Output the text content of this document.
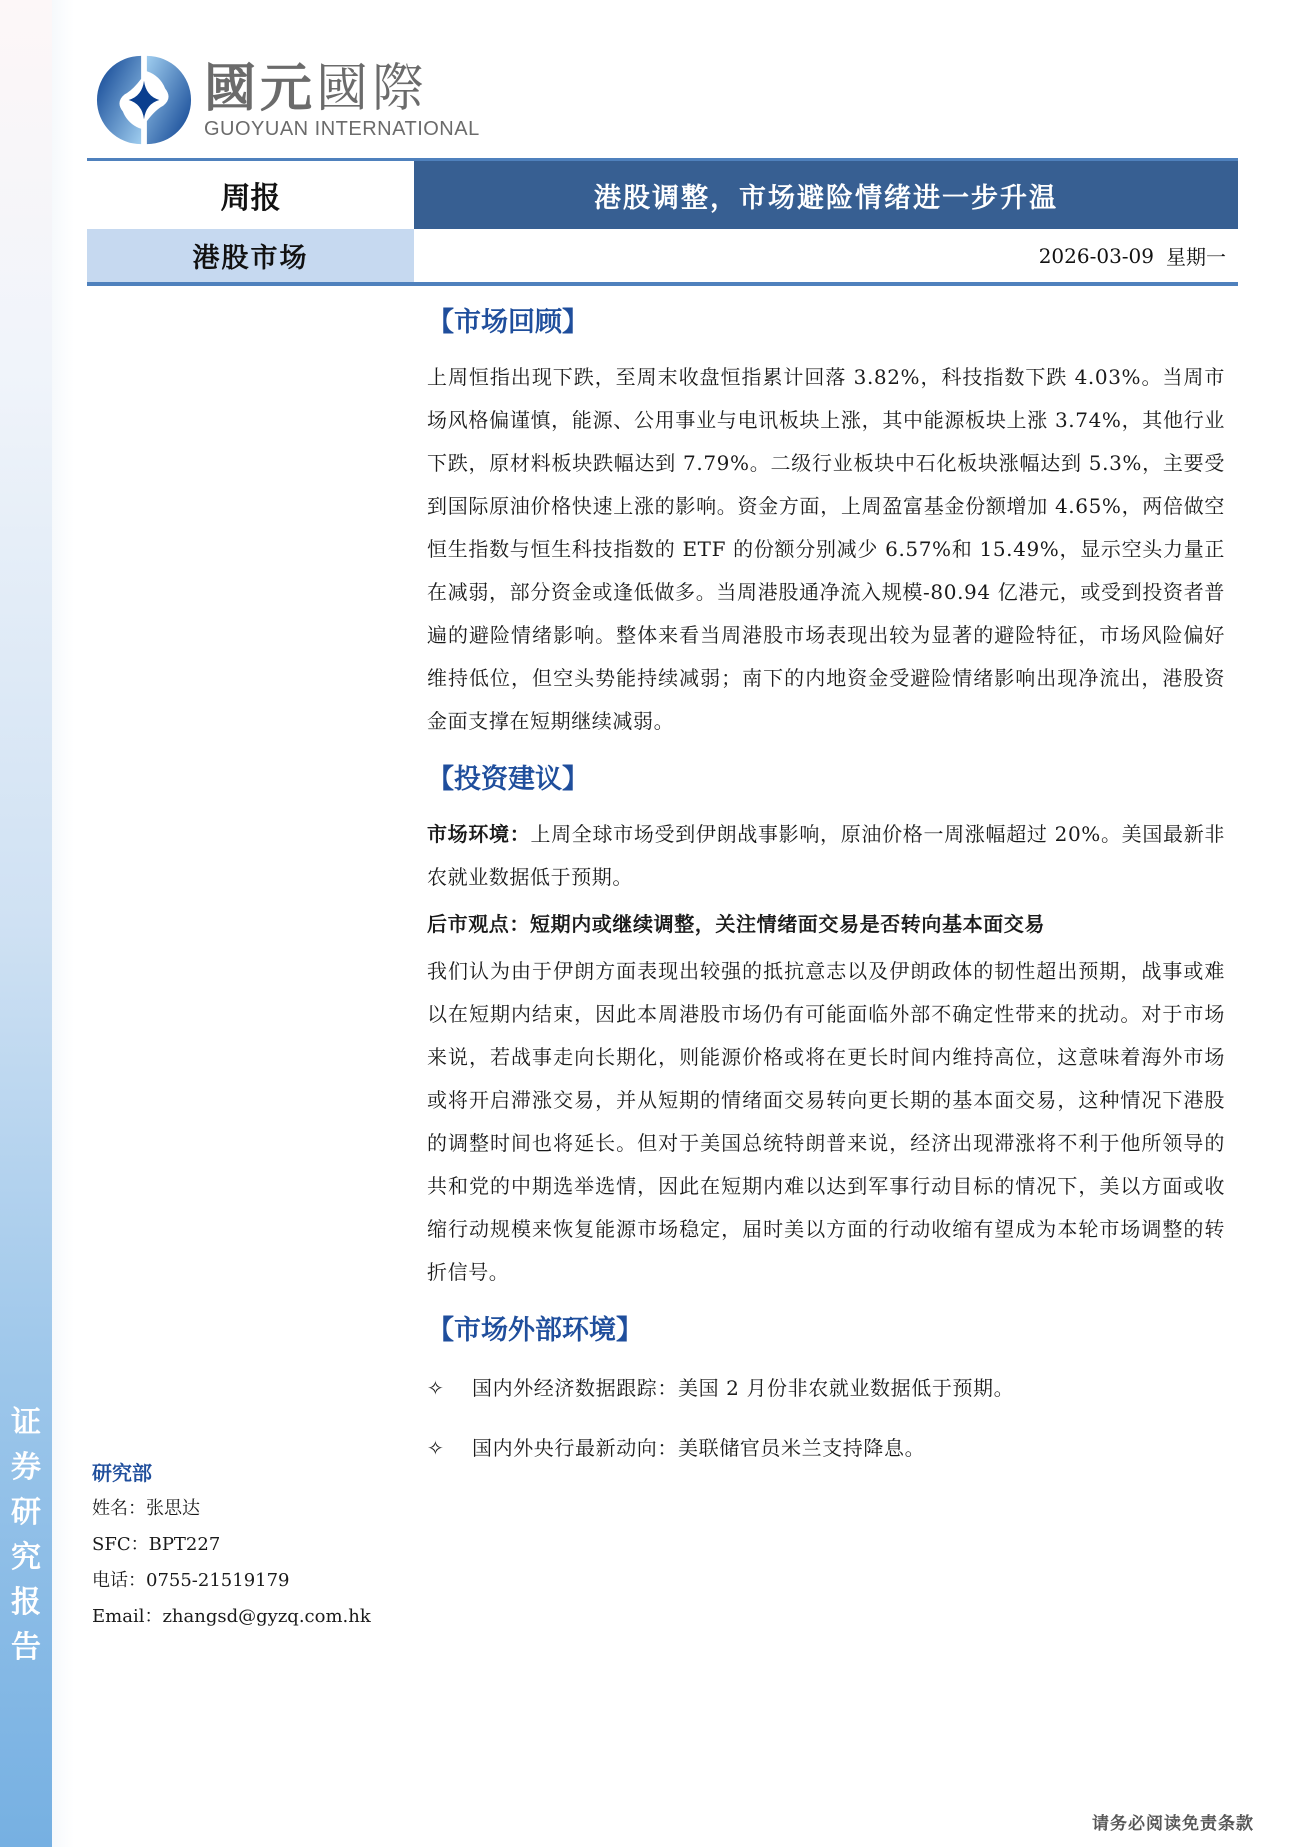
证
券
研
究
报
告
國元國際
GUOYUAN INTERNATIONAL
周报	港股调整，市场避险情绪进一步升温
港股市场	2026-03-09 星期一
【市场回顾】

上周恒指出现下跌，至周末收盘恒指累计回落 3.82%，科技指数下跌 4.03%。当周市场风格偏谨慎，能源、公用事业与电讯板块上涨，其中能源板块上涨 3.74%，其他行业下跌，原材料板块跌幅达到 7.79%。二级行业板块中石化板块涨幅达到 5.3%，主要受到国际原油价格快速上涨的影响。资金方面，上周盈富基金份额增加 4.65%，两倍做空恒生指数与恒生科技指数的 ETF 的份额分别减少 6.57%和 15.49%，显示空头力量正在减弱，部分资金或逢低做多。当周港股通净流入规模-80.94 亿港元，或受到投资者普遍的避险情绪影响。整体来看当周港股市场表现出较为显著的避险特征，市场风险偏好维持低位，但空头势能持续减弱；南下的内地资金受避险情绪影响出现净流出，港股资金面支撑在短期继续减弱。

【投资建议】

市场环境：上周全球市场受到伊朗战事影响，原油价格一周涨幅超过 20%。美国最新非农就业数据低于预期。

后市观点：短期内或继续调整，关注情绪面交易是否转向基本面交易

我们认为由于伊朗方面表现出较强的抵抗意志以及伊朗政体的韧性超出预期，战事或难以在短期内结束，因此本周港股市场仍有可能面临外部不确定性带来的扰动。对于市场来说，若战事走向长期化，则能源价格或将在更长时间内维持高位，这意味着海外市场或将开启滞涨交易，并从短期的情绪面交易转向更长期的基本面交易，这种情况下港股的调整时间也将延长。但对于美国总统特朗普来说，经济出现滞涨将不利于他所领导的共和党的中期选举选情，因此在短期内难以达到军事行动目标的情况下，美以方面或收缩行动规模来恢复能源市场稳定，届时美以方面的行动收缩有望成为本轮市场调整的转折信号。

【市场外部环境】
✧	国内外经济数据跟踪：美国 2 月份非农就业数据低于预期。
✧	国内外央行最新动向：美联储官员米兰支持降息。
研究部
姓名：张思达
SFC：BPT227
电话：0755-21519179
Email：zhangsd@gyzq.com.hk
请务必阅读免责条款
